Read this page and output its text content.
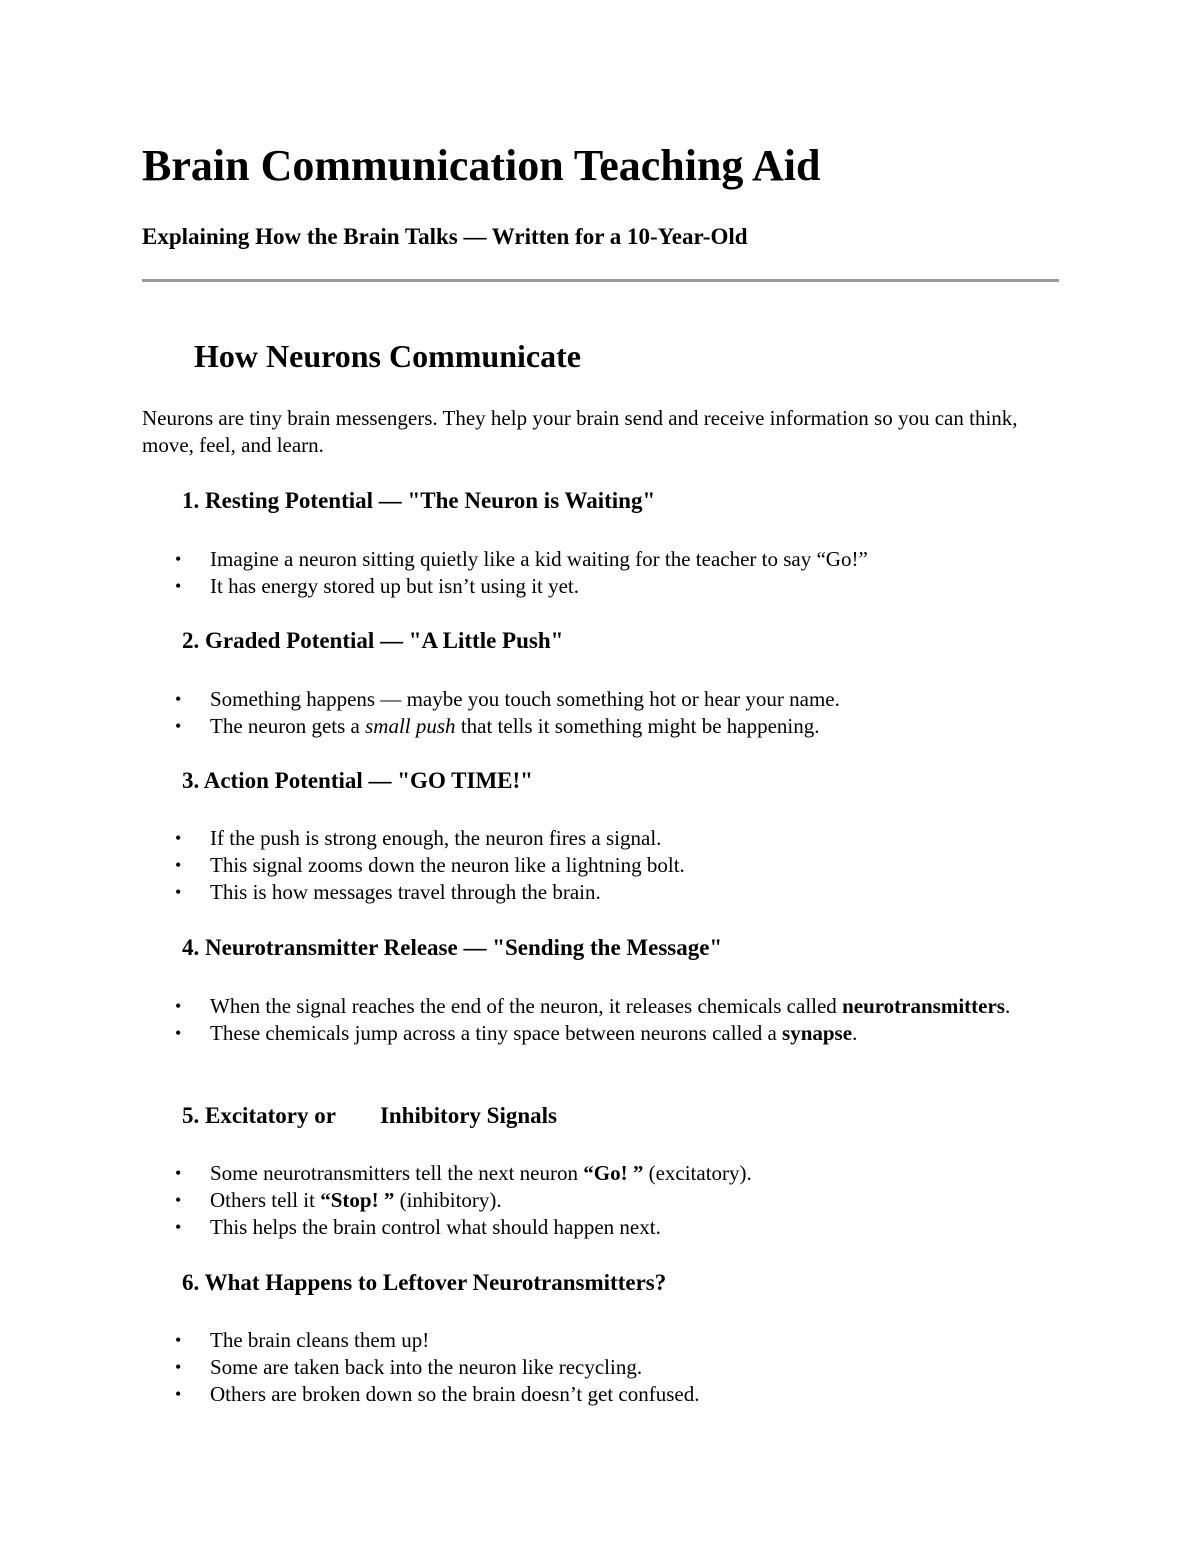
Brain Communication Teaching Aid
Explaining How the Brain Talks — Written for a 10-Year-Old
How Neurons Communicate

Neurons are tiny brain messengers. They help your brain send and receive information so you can think, move, feel, and learn.

1. Resting Potential — "The Neuron is Waiting"
• Imagine a neuron sitting quietly like a kid waiting for the teacher to say “Go!”
• It has energy stored up but isn’t using it yet.
2. Graded Potential — "A Little Push"
• Something happens — maybe you touch something hot or hear your name.
• The neuron gets a small push that tells it something might be happening.
3. Action Potential — "GO TIME!"
• If the push is strong enough, the neuron fires a signal.
• This signal zooms down the neuron like a lightning bolt.
• This is how messages travel through the brain.
4. Neurotransmitter Release — "Sending the Message"
• When the signal reaches the end of the neuron, it releases chemicals called neurotransmitters.
• These chemicals jump across a tiny space between neurons called a synapse.
5. Excitatory or Inhibitory Signals
• Some neurotransmitters tell the next neuron “Go! ” (excitatory).
• Others tell it “Stop! ” (inhibitory).
• This helps the brain control what should happen next.
6. What Happens to Leftover Neurotransmitters?
• The brain cleans them up!
• Some are taken back into the neuron like recycling.
• Others are broken down so the brain doesn’t get confused.
